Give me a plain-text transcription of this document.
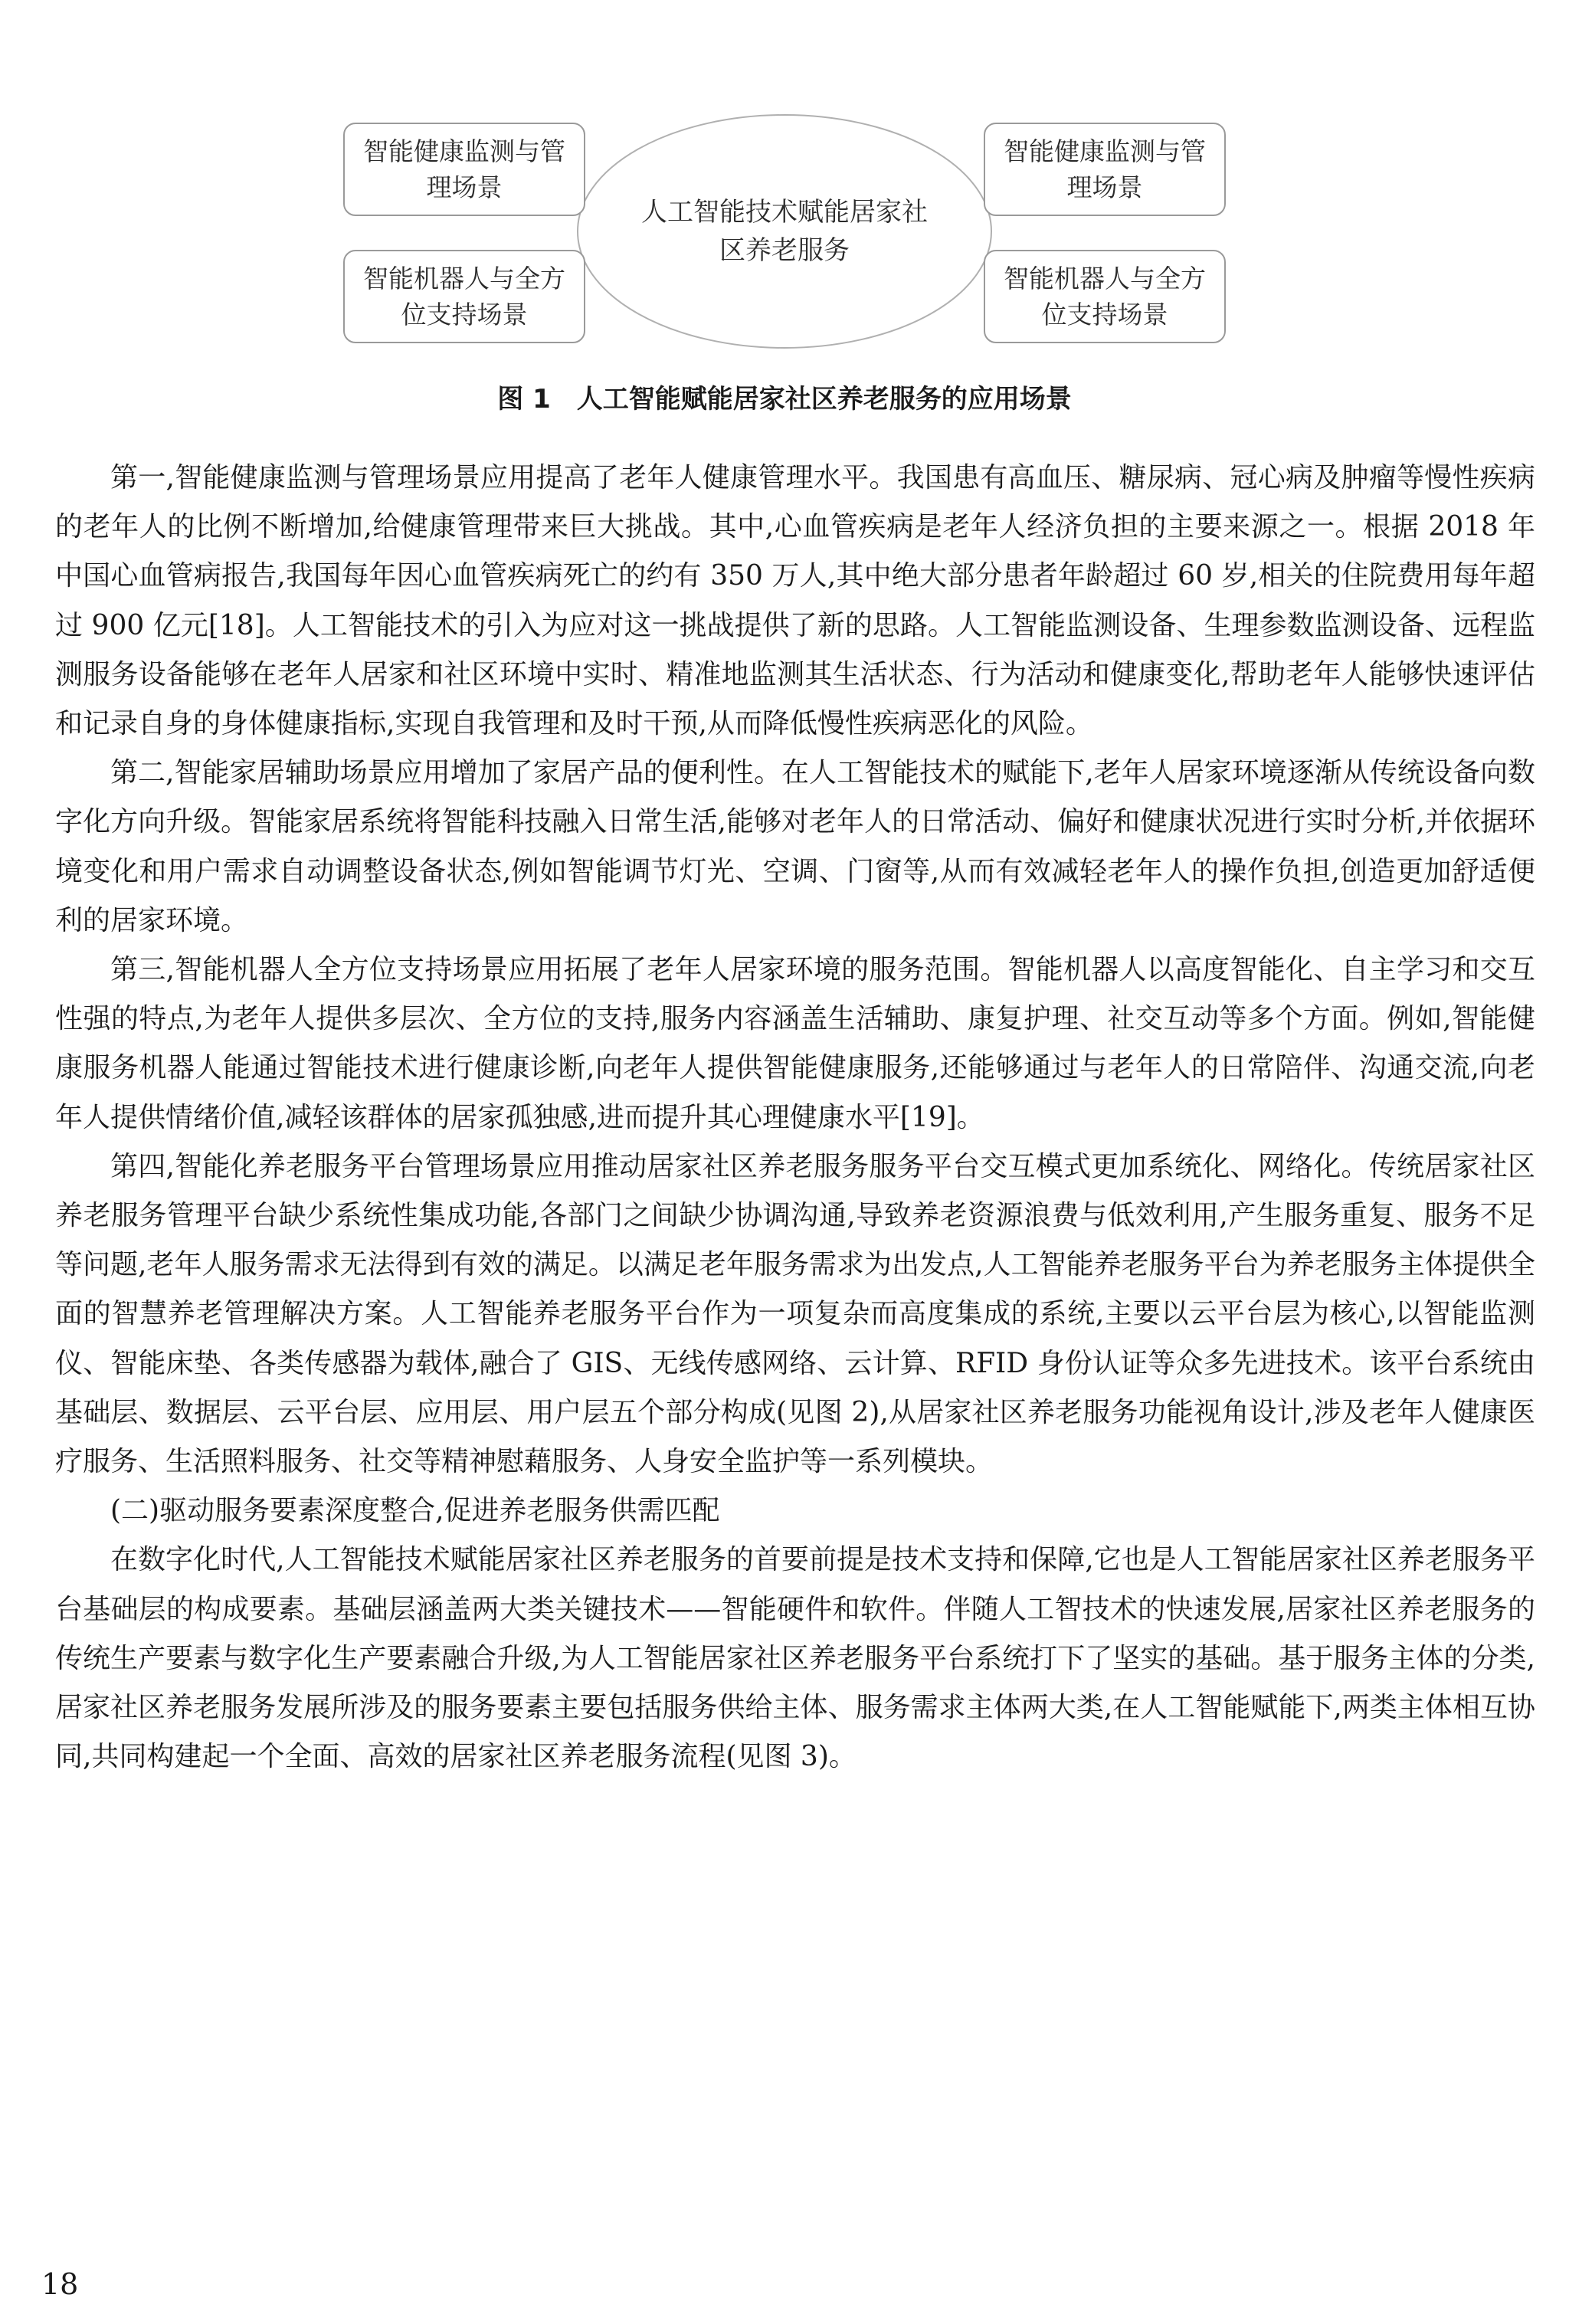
智能健康监测与管理场景
智能健康监测与管理场景
智能机器人与全方位支持场景
智能机器人与全方位支持场景
人工智能技术赋能居家社区养老服务
图 1　人工智能赋能居家社区养老服务的应用场景

第一,智能健康监测与管理场景应用提高了老年人健康管理水平。我国患有高血压、糖尿病、冠心病及肿瘤等慢性疾病的老年人的比例不断增加,给健康管理带来巨大挑战。其中,心血管疾病是老年人经济负担的主要来源之一。根据 2018 年中国心血管病报告,我国每年因心血管疾病死亡的约有 350 万人,其中绝大部分患者年龄超过 60 岁,相关的住院费用每年超过 900 亿元[18]。人工智能技术的引入为应对这一挑战提供了新的思路。人工智能监测设备、生理参数监测设备、远程监测服务设备能够在老年人居家和社区环境中实时、精准地监测其生活状态、行为活动和健康变化,帮助老年人能够快速评估和记录自身的身体健康指标,实现自我管理和及时干预,从而降低慢性疾病恶化的风险。

第二,智能家居辅助场景应用增加了家居产品的便利性。在人工智能技术的赋能下,老年人居家环境逐渐从传统设备向数字化方向升级。智能家居系统将智能科技融入日常生活,能够对老年人的日常活动、偏好和健康状况进行实时分析,并依据环境变化和用户需求自动调整设备状态,例如智能调节灯光、空调、门窗等,从而有效减轻老年人的操作负担,创造更加舒适便利的居家环境。

第三,智能机器人全方位支持场景应用拓展了老年人居家环境的服务范围。智能机器人以高度智能化、自主学习和交互性强的特点,为老年人提供多层次、全方位的支持,服务内容涵盖生活辅助、康复护理、社交互动等多个方面。例如,智能健康服务机器人能通过智能技术进行健康诊断,向老年人提供智能健康服务,还能够通过与老年人的日常陪伴、沟通交流,向老年人提供情绪价值,减轻该群体的居家孤独感,进而提升其心理健康水平[19]。

第四,智能化养老服务平台管理场景应用推动居家社区养老服务服务平台交互模式更加系统化、网络化。传统居家社区养老服务管理平台缺少系统性集成功能,各部门之间缺少协调沟通,导致养老资源浪费与低效利用,产生服务重复、服务不足等问题,老年人服务需求无法得到有效的满足。以满足老年服务需求为出发点,人工智能养老服务平台为养老服务主体提供全面的智慧养老管理解决方案。人工智能养老服务平台作为一项复杂而高度集成的系统,主要以云平台层为核心,以智能监测仪、智能床垫、各类传感器为载体,融合了 GIS、无线传感网络、云计算、RFID 身份认证等众多先进技术。该平台系统由基础层、数据层、云平台层、应用层、用户层五个部分构成(见图 2),从居家社区养老服务功能视角设计,涉及老年人健康医疗服务、生活照料服务、社交等精神慰藉服务、人身安全监护等一系列模块。

(二)驱动服务要素深度整合,促进养老服务供需匹配

在数字化时代,人工智能技术赋能居家社区养老服务的首要前提是技术支持和保障,它也是人工智能居家社区养老服务平台基础层的构成要素。基础层涵盖两大类关键技术——智能硬件和软件。伴随人工智技术的快速发展,居家社区养老服务的传统生产要素与数字化生产要素融合升级,为人工智能居家社区养老服务平台系统打下了坚实的基础。基于服务主体的分类,居家社区养老服务发展所涉及的服务要素主要包括服务供给主体、服务需求主体两大类,在人工智能赋能下,两类主体相互协同,共同构建起一个全面、高效的居家社区养老服务流程(见图 3)。

18
